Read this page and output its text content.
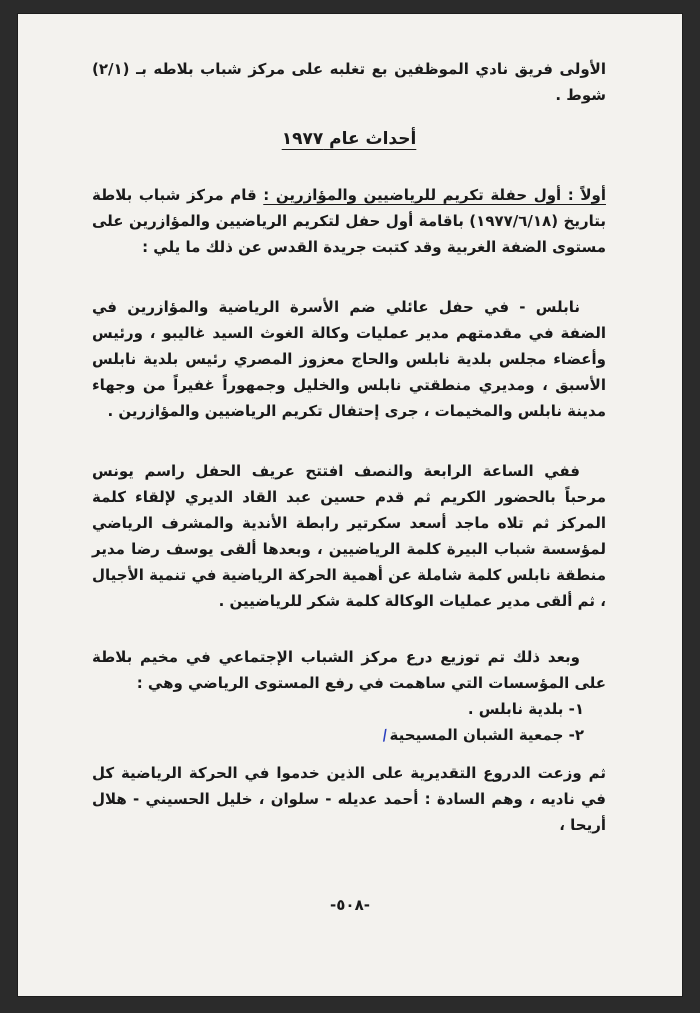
الأولى فريق نادي الموظفين بع تغلبه على مركز شباب بلاطه بـ (٢/١) شوط .

أحداث عام ١٩٧٧

أولاً : أول حفلة تكريم للرياضيين والمؤازرين : قام مركز شباب بلاطة بتاريخ (١٩٧٧/٦/١٨) باقامة أول حفل لتكريم الرياضيين والمؤازرين على مستوى الضفة الغربية وقد كتبت جريدة القدس عن ذلك ما يلي :

نابلس - في حفل عائلي ضم الأسرة الرياضية والمؤازرين في الضفة في مقدمتهم مدير عمليات وكالة الغوث السيد غاليبو ، ورئيس وأعضاء مجلس بلدية نابلس والحاج معزوز المصري رئيس بلدية نابلس الأسبق ، ومديري منطقتي نابلس والخليل وجمهوراً غفيراً من وجهاء مدينة نابلس والمخيمات ، جرى إحتفال تكريم الرياضيين والمؤازرين .

ففي الساعة الرابعة والنصف افتتح عريف الحفل راسم يونس مرحباً بالحضور الكريم ثم قدم حسين عبد القاد الديري لإلقاء كلمة المركز ثم تلاه ماجد أسعد سكرتير رابطة الأندية والمشرف الرياضي لمؤسسة شباب البيرة كلمة الرياضيين ، وبعدها ألقى يوسف رضا مدير منطقة نابلس كلمة شاملة عن أهمية الحركة الرياضية في تنمية الأجيال ، ثم ألقى مدير عمليات الوكالة كلمة شكر للرياضيين .

وبعد ذلك تم توزيع درع مركز الشباب الإجتماعي في مخيم بلاطة على المؤسسات التي ساهمت في رفع المستوى الرياضي وهي :

١- بلدية نابلس .

٢- جمعية الشبان المسيحية/

ثم وزعت الدروع التقديرية على الذين خدموا في الحركة الرياضية كل في ناديه ، وهم السادة : أحمد عديله - سلوان ، خليل الحسيني - هلال أريحا ،

-٥٠٨-
